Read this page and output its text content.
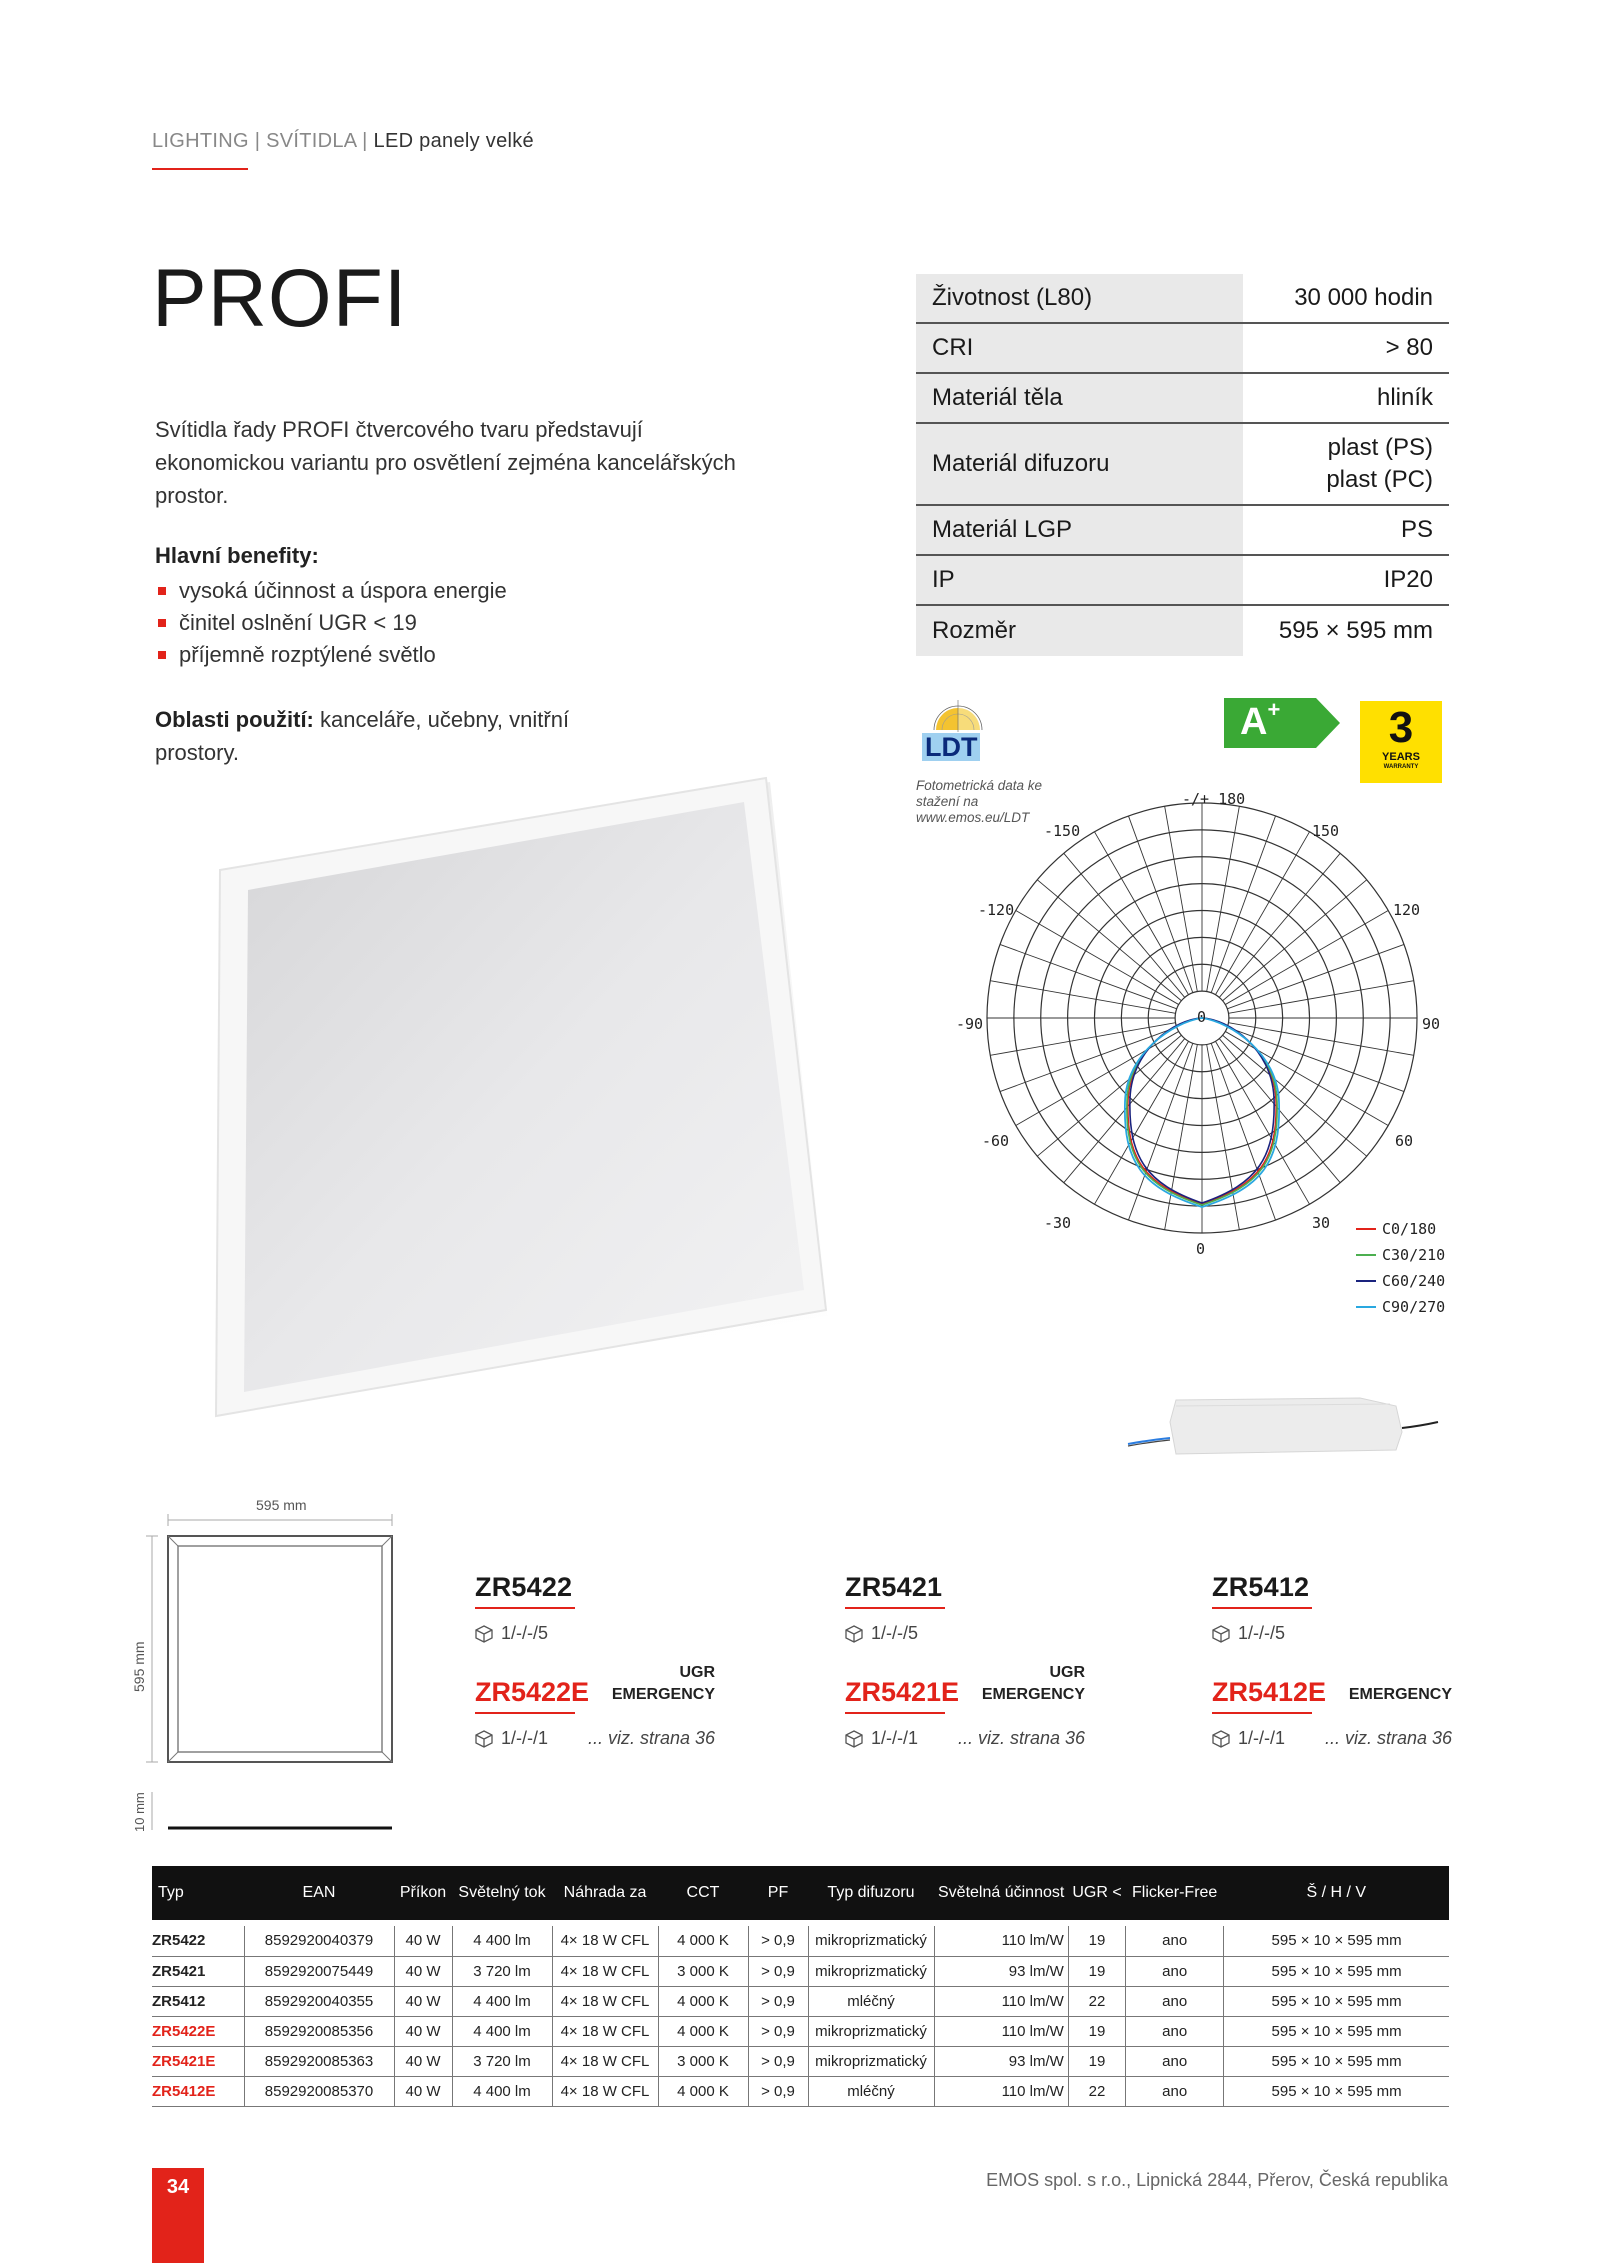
LIGHTING | SVÍTIDLA | LED panely velké
PROFI

Svítidla řady PROFI čtvercového tvaru představují ekonomickou variantu pro osvětlení zejména kancelářských prostor.

Hlavní benefity:
vysoká účinnost a úspora energie
činitel oslnění UGR < 19
příjemně rozptýlené světlo

Oblasti použití: kanceláře, učebny, vnitřní prostory.

Životnost (L80)	30 000 hodin
CRI	> 80
Materiál těla	hliník
Materiál difuzoru
plast (PS)
plast (PC)
Materiál LGP	PS
IP	IP20
Rozměr	595 × 595 mm
LDT
Fotometrická data ke stažení na www.emos.eu/LDT
A+	3
YEARS
WARRANTY
-/+ 180
-150	150
-120	120
-90	90
-60	60
-30	30
0
0
C0/180
C30/210
C60/240
C90/270
595 mm
595 mm
10 mm
ZR5422
1/-/-/5
ZR5422E
UGR
EMERGENCY
1/-/-/1 ... viz. strana 36
ZR5421
1/-/-/5
ZR5421E
UGR
EMERGENCY
1/-/-/1 ... viz. strana 36
ZR5412
1/-/-/5
ZR5412E EMERGENCY
1/-/-/1 ... viz. strana 36
Typ	EAN	Příkon	Světelný tok	Náhrada za	CCT	PF	Typ difuzoru	Světelná účinnost	UGR <	Flicker-Free	Š / H / V

ZR5422	8592920040379	40 W	4 400 lm	4× 18 W CFL	4 000 K	> 0,9	mikroprizmatický	110 lm/W	19	ano	595 × 10 × 595 mm
ZR5421	8592920075449	40 W	3 720 lm	4× 18 W CFL	3 000 K	> 0,9	mikroprizmatický	93 lm/W	19	ano	595 × 10 × 595 mm
ZR5412	8592920040355	40 W	4 400 lm	4× 18 W CFL	4 000 K	> 0,9	mléčný	110 lm/W	22	ano	595 × 10 × 595 mm
ZR5422E	8592920085356	40 W	4 400 lm	4× 18 W CFL	4 000 K	> 0,9	mikroprizmatický	110 lm/W	19	ano	595 × 10 × 595 mm
ZR5421E	8592920085363	40 W	3 720 lm	4× 18 W CFL	3 000 K	> 0,9	mikroprizmatický	93 lm/W	19	ano	595 × 10 × 595 mm
ZR5412E	8592920085370	40 W	4 400 lm	4× 18 W CFL	4 000 K	> 0,9	mléčný	110 lm/W	22	ano	595 × 10 × 595 mm
34	EMOS spol. s r.o., Lipnická 2844, Přerov, Česká republika
